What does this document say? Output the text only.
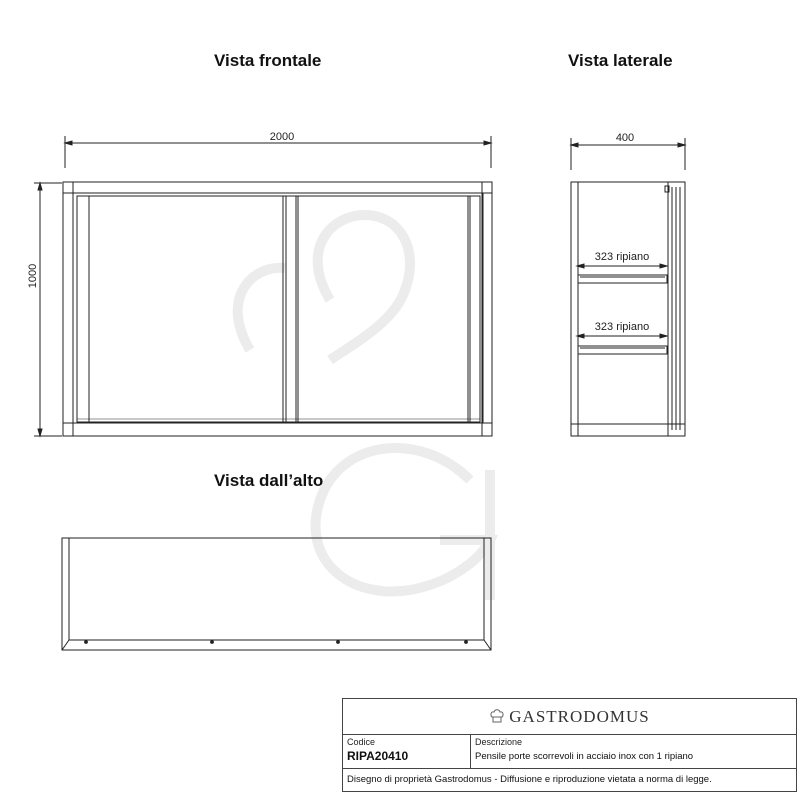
2000
1000
400
323 ripiano
323 ripiano
Vista frontale	Vista laterale
Vista dall’alto
GASTRODOMUS
Codice
RIPA20410
Descrizione
Pensile porte scorrevoli in acciaio inox con 1 ripiano
Disegno di proprietà Gastrodomus - Diffusione e riproduzione vietata a norma di legge.
